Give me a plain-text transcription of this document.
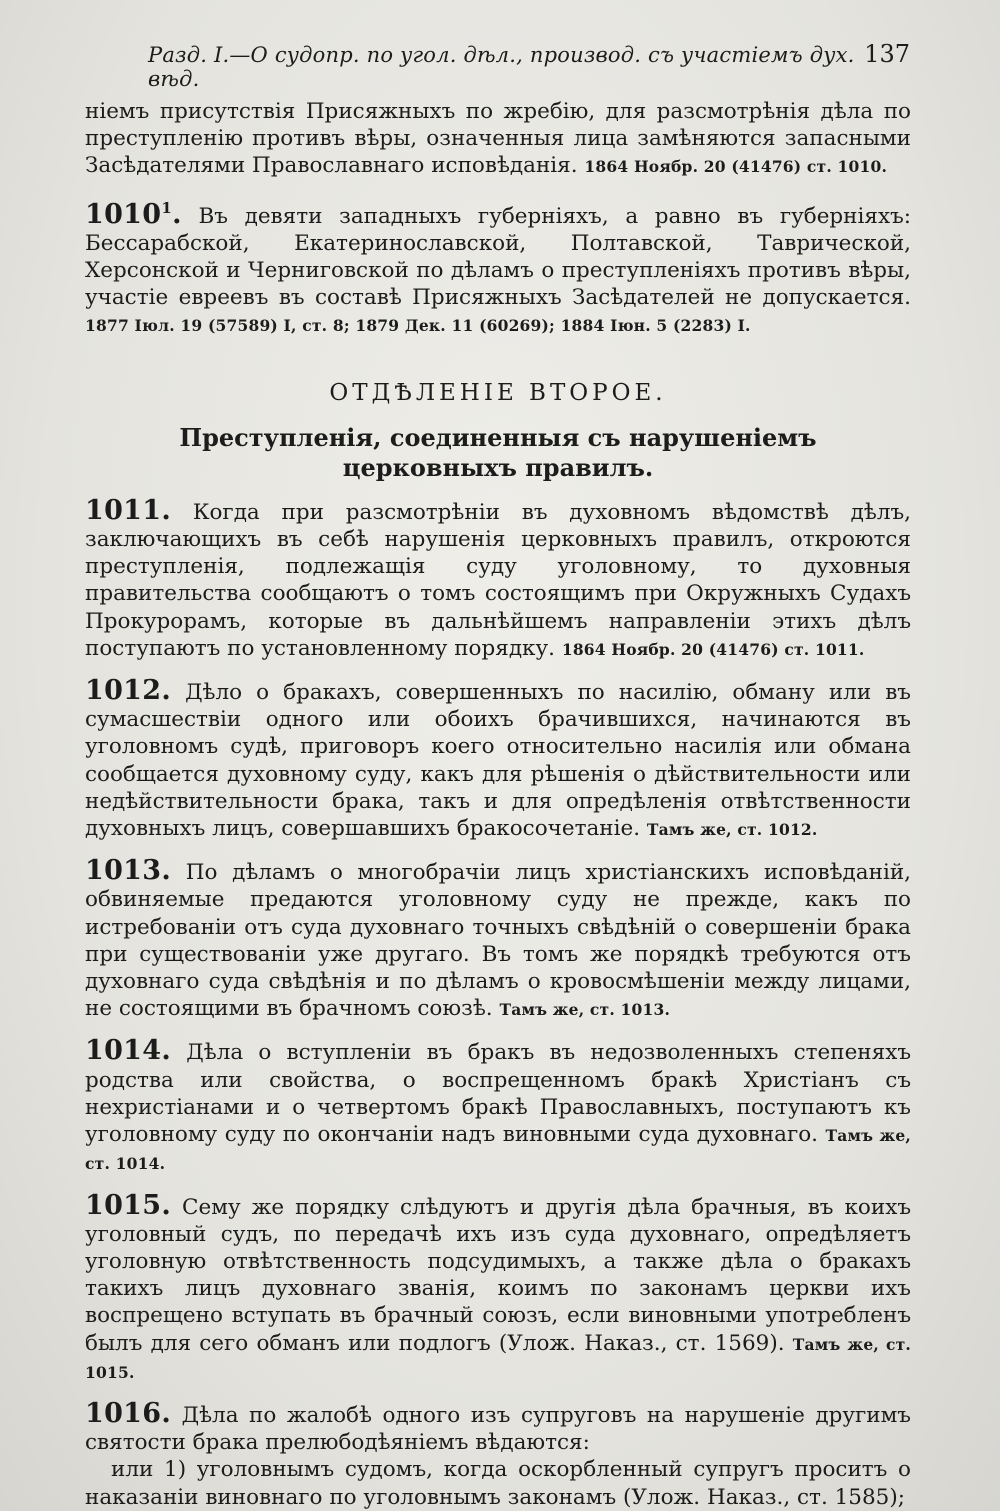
Разд. I.—О судопр. по угол. дѣл., производ. съ участіемъ дух. вѣд.
137

ніемъ присутствія Присяжныхъ по жребію, для разсмотрѣнія дѣла по преступленію противъ вѣры, означенныя лица замѣняются запасными Засѣдателями Православнаго исповѣданія. 1864 Ноябр. 20 (41476) ст. 1010.

1010$^1$. Въ девяти западныхъ губерніяхъ, а равно въ губерніяхъ: Бессарабской, Екатеринославской, Полтавской, Таврической, Херсонской и Черниговской по дѣламъ о преступленіяхъ противъ вѣры, участіе евреевъ въ составѣ Присяжныхъ Засѣдателей не допускается. 1877 Іюл. 19 (57589) I, ст. 8; 1879 Дек. 11 (60269); 1884 Іюн. 5 (2283) I.

ОТДѢЛЕНІЕ ВТОРОЕ.
Преступленія, соединенныя съ нарушеніемъ церковныхъ правилъ.

1011. Когда при разсмотрѣніи въ духовномъ вѣдомствѣ дѣлъ, заключающихъ въ себѣ нарушенія церковныхъ правилъ, откроются преступленія, подлежащія суду уголовному, то духовныя правительства сообщаютъ о томъ состоящимъ при Окружныхъ Судахъ Прокурорамъ, которые въ дальнѣйшемъ направленіи этихъ дѣлъ поступаютъ по установленному порядку. 1864 Ноябр. 20 (41476) ст. 1011.

1012. Дѣло о бракахъ, совершенныхъ по насилію, обману или въ сумасшествіи одного или обоихъ брачившихся, начинаются въ уголовномъ судѣ, приговоръ коего относительно насилія или обмана сообщается духовному суду, какъ для рѣшенія о дѣйствительности или недѣйствительности брака, такъ и для опредѣленія отвѣтственности духовныхъ лицъ, совершавшихъ бракосочетаніе. Тамъ же, ст. 1012.

1013. По дѣламъ о многобрачіи лицъ христіанскихъ исповѣданій, обвиняемые предаются уголовному суду не прежде, какъ по истребованіи отъ суда духовнаго точныхъ свѣдѣній о совершеніи брака при существованіи уже другаго. Въ томъ же порядкѣ требуются отъ духовнаго суда свѣдѣнія и по дѣламъ о кровосмѣшеніи между лицами, не состоящими въ брачномъ союзѣ. Тамъ же, ст. 1013.

1014. Дѣла о вступленіи въ бракъ въ недозволенныхъ степеняхъ родства или свойства, о воспрещенномъ бракѣ Христіанъ съ нехристіанами и о четвертомъ бракѣ Православныхъ, поступаютъ къ уголовному суду по окончаніи надъ виновными суда духовнаго. Тамъ же, ст. 1014.

1015. Сему же порядку слѣдуютъ и другія дѣла брачныя, въ коихъ уголовный судъ, по передачѣ ихъ изъ суда духовнаго, опредѣляетъ уголовную отвѣтственность подсудимыхъ, а также дѣла о бракахъ такихъ лицъ духовнаго званія, коимъ по законамъ церкви ихъ воспрещено вступать въ брачный союзъ, если виновными употребленъ былъ для сего обманъ или подлогъ (Улож. Наказ., ст. 1569). Тамъ же, ст. 1015.

1016. Дѣла по жалобѣ одного изъ супруговъ на нарушеніе другимъ святости брака прелюбодѣяніемъ вѣдаются:

или 1) уголовнымъ судомъ, когда оскорбленный супругъ проситъ о наказаніи виновнаго по уголовнымъ законамъ (Улож. Наказ., ст. 1585);
